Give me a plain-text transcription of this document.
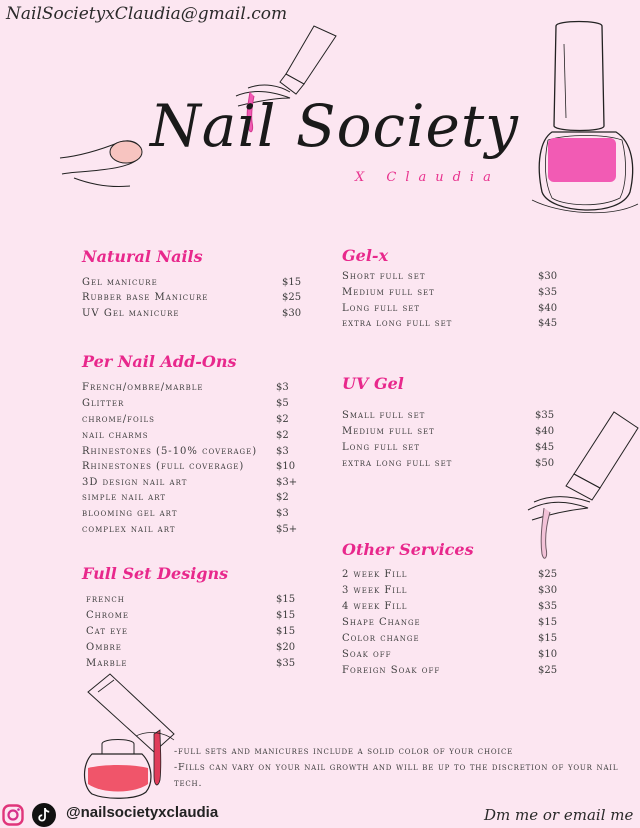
NailSocietyxClaudia@gmail.com
Nail Society
X Claudia
Natural Nails
Gel manicure	$15
Rubber base Manicure	$25
UV Gel manicure	$30
Per Nail Add-Ons
French/ombre/marble	$3
Glitter	$5
chrome/foils	$2
nail charms	$2
Rhinestones (5-10% coverage) $3
Rhinestones (full coverage)	$10
3D design nail art	$3+
simple nail art	$2
blooming gel art	$3
complex nail art	$5+
Full Set Designs
french	$15
Chrome	$15
Cat eye	$15
Ombre	$20
Marble	$35
Gel-x
Short full set	$30
Medium full set	$35
Long full set	$40
extra long full set	$45
UV Gel
Small full set	$35
Medium full set	$40
Long full set	$45
extra long full set	$50
Other Services
2 week Fill	$25
3 week Fill	$30
4 week Fill	$35
Shape Change	$15
Color change	$15
Soak off	$10
Foreign Soak off	$25
-full sets and manicures include a solid color of your choice
-Fills can vary on your nail growth and will be up to the discretion of your nail tech.
@nailsocietyxclaudia	Dm me or email me
